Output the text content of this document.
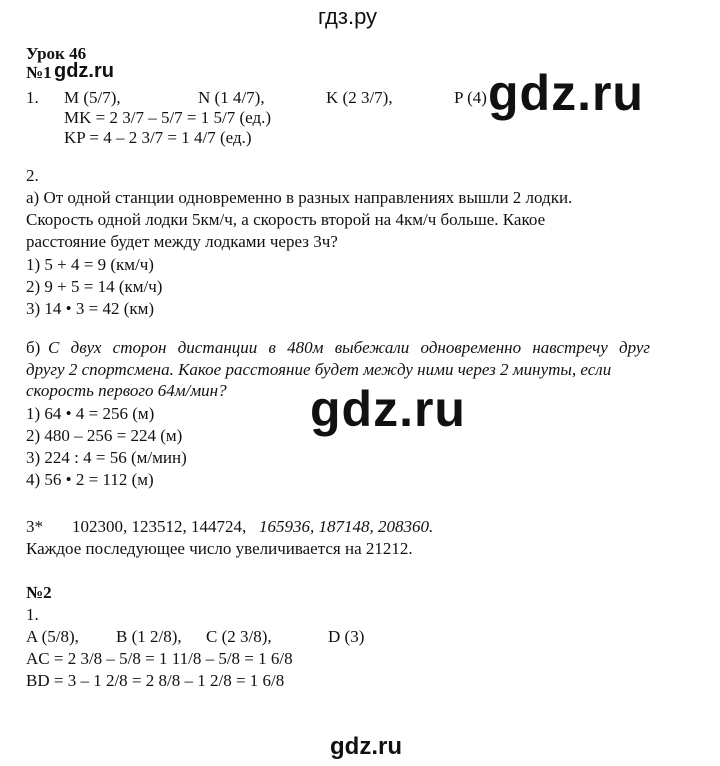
гдз.ру
gdz.ru	gdz.ru
gdz.ru
gdz.ru
Урок 46
№1
1. M (5/7),	N (1 4/7),	K (2 3/7),	P (4)
MK = 2 3/7 – 5/7 = 1 5/7 (ед.)
KP = 4 – 2 3/7 = 1 4/7 (ед.)
2.
а) От одной станции одновременно в разных направлениях вышли 2 лодки.
Скорость одной лодки 5км/ч, а скорость второй на 4км/ч больше. Какое
расстояние будет между лодками через 3ч?
1) 5 + 4 = 9 (км/ч)
2) 9 + 5 = 14 (км/ч)
3) 14 • 3 = 42 (км)
б) С двух сторон дистанции в 480м выбежали одновременно навстречу друг
другу 2 спортсмена. Какое расстояние будет между ними через 2 минуты, если
скорость первого 64м/мин?
1) 64 • 4 = 256 (м)
2) 480 – 256 = 224 (м)
3) 224 : 4 = 56 (м/мин)
4) 56 • 2 = 112 (м)
3* 102300, 123512, 144724, 165936, 187148, 208360.
Каждое последующее число увеличивается на 21212.
№2
1.
A (5/8), B (1 2/8), C (2 3/8),	D (3)
AC = 2 3/8 – 5/8 = 1 11/8 – 5/8 = 1 6/8
BD = 3 – 1 2/8 = 2 8/8 – 1 2/8 = 1 6/8
